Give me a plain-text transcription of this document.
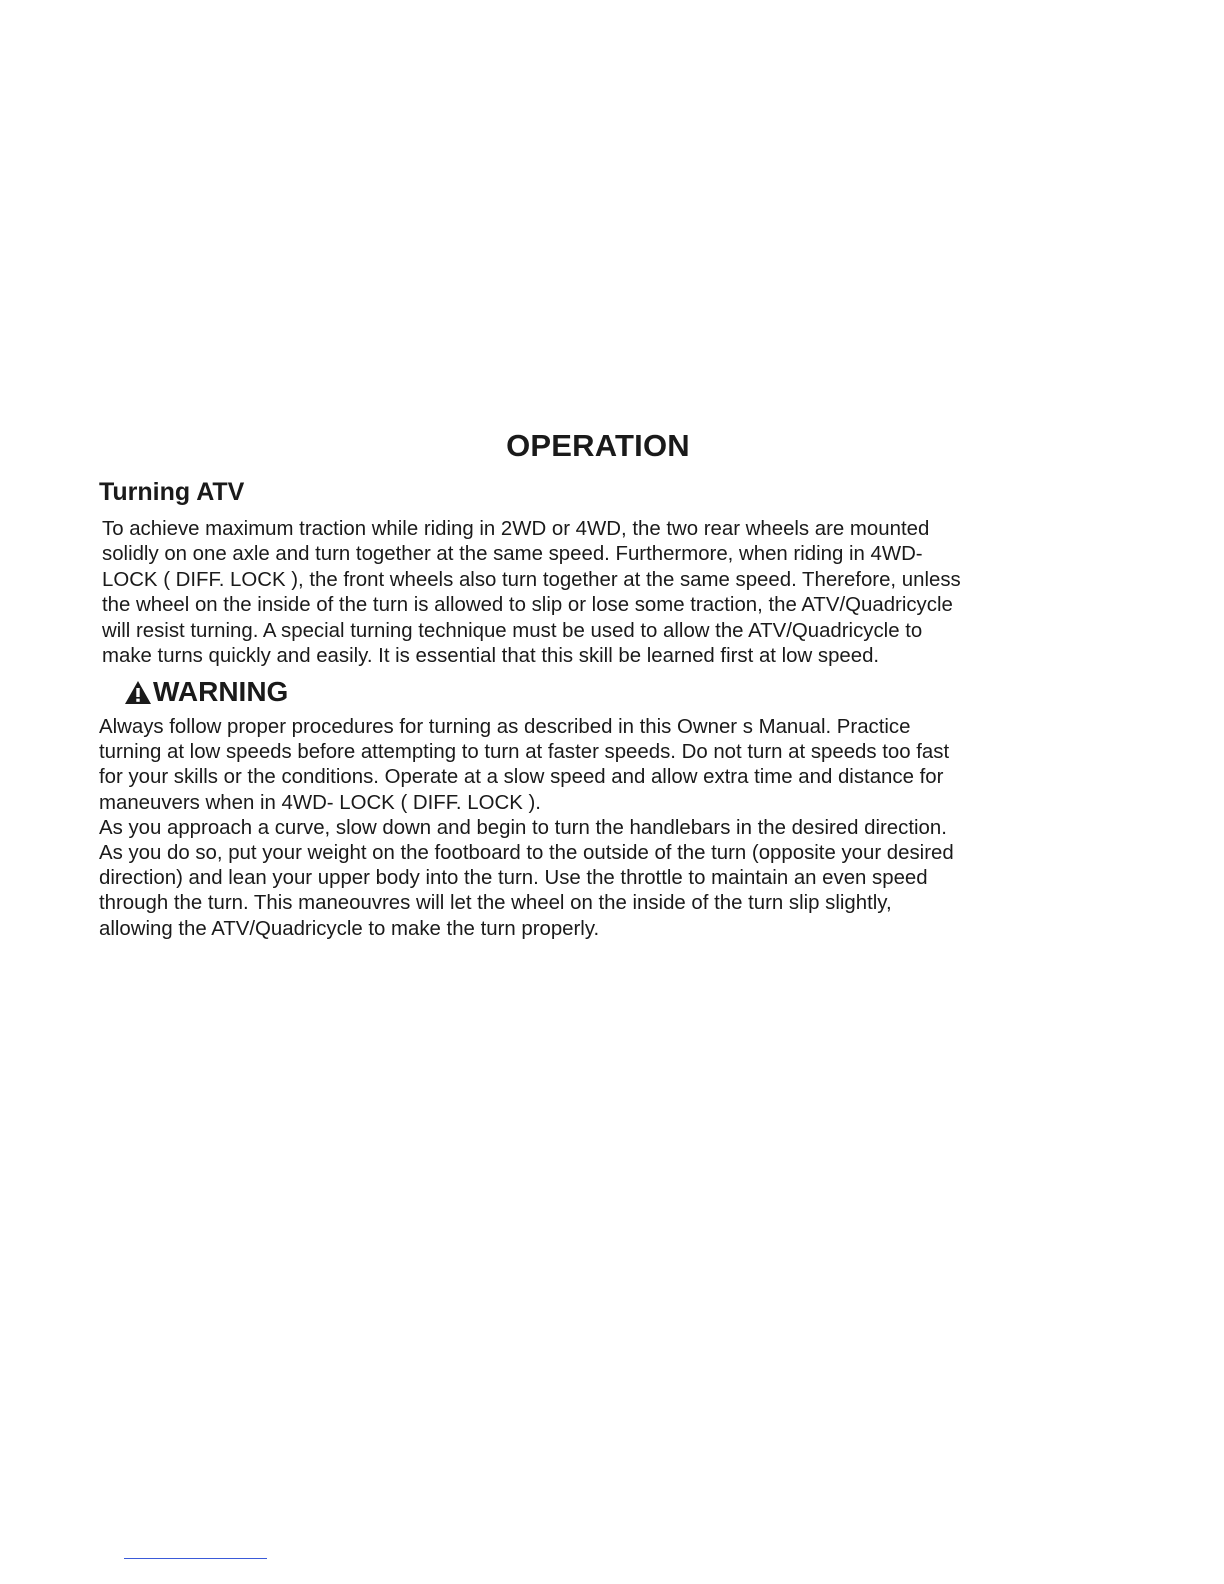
OPERATION
Turning ATV
To achieve maximum traction while riding in 2WD or 4WD, the two rear wheels are mounted
solidly on one axle and turn together at the same speed. Furthermore, when riding in 4WD-
LOCK ( DIFF. LOCK ), the front wheels also turn together at the same speed. Therefore, unless
the wheel on the inside of the turn is allowed to slip or lose some traction, the ATV/Quadricycle
will resist turning. A special turning technique must be used to allow the ATV/Quadricycle to
make turns quickly and easily. It is essential that this skill be learned first at low speed.
WARNING

Always follow proper procedures for turning as described in this Owner s Manual. Practice
turning at low speeds before attempting to turn at faster speeds. Do not turn at speeds too fast
for your skills or the conditions. Operate at a slow speed and allow extra time and distance for
maneuvers when in 4WD- LOCK ( DIFF. LOCK ).

As you approach a curve, slow down and begin to turn the handlebars in the desired direction.
As you do so, put your weight on the footboard to the outside of the turn (opposite your desired
direction) and lean your upper body into the turn. Use the throttle to maintain an even speed
through the turn. This maneouvres will let the wheel on the inside of the turn slip slightly,
allowing the ATV/Quadricycle to make the turn properly.
